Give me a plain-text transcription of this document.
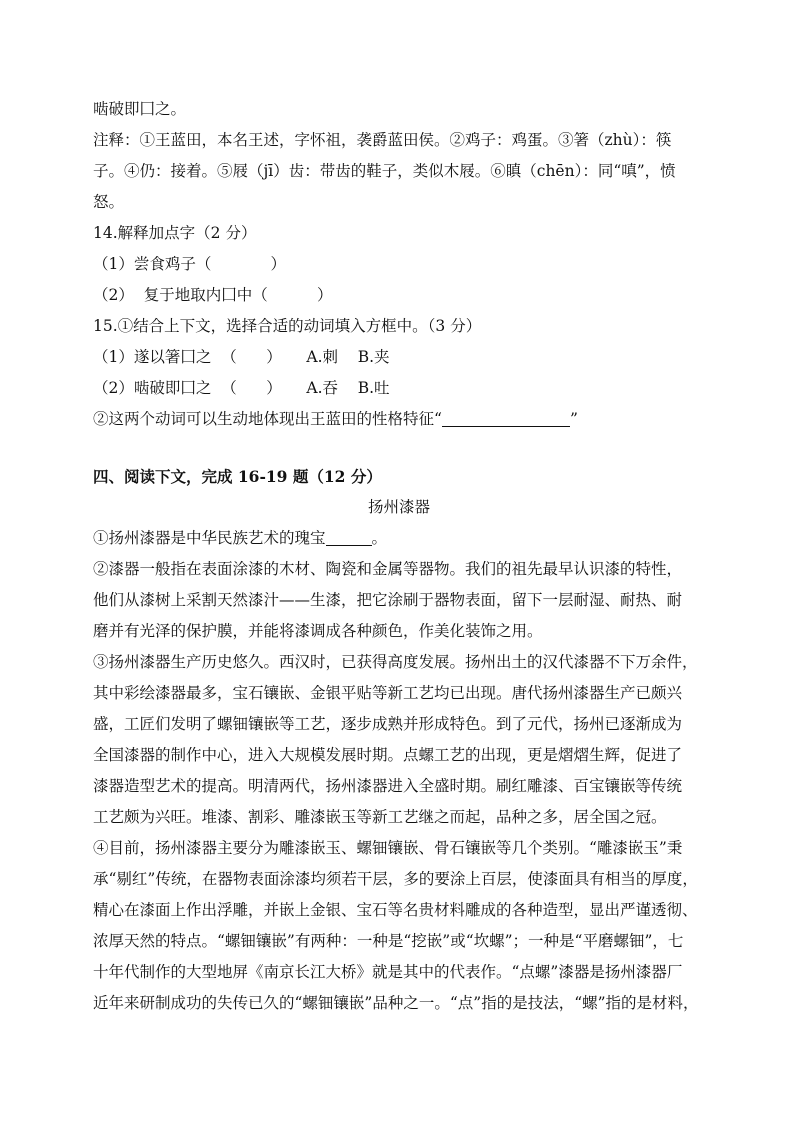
啮破即囗之。
注释：①王蓝田，本名王述，字怀祖，袭爵蓝田侯。②鸡子：鸡蛋。③箸（zhù）：筷
子。④仍：接着。⑤屐（jī）齿：带齿的鞋子，类似木屐。⑥瞋（chēn）：同“嗔”，愤
怒。
14.解释加点字（2 分）
（1）尝食鸡子（            ）
（2）  复于地取内囗中（          ）
15.①结合上下文，选择合适的动词填入方框中。（3 分）
（1）遂以箸囗之  （      ）     A.刺    B.夹
（2）啮破即囗之  （      ）     A.吞    B.吐
②这两个动词可以生动地体现出王蓝田的性格特征“	”
四、阅读下文，完成 16-19 题（12 分）
扬州漆器
①扬州漆器是中华民族艺术的瑰宝	。
②漆器一般指在表面涂漆的木材、陶瓷和金属等器物。我们的祖先最早认识漆的特性，
他们从漆树上采割天然漆汁——生漆，把它涂刷于器物表面，留下一层耐湿、耐热、耐
磨并有光泽的保护膜，并能将漆调成各种颜色，作美化装饰之用。
③扬州漆器生产历史悠久。西汉时，已获得高度发展。扬州出土的汉代漆器不下万余件，
其中彩绘漆器最多，宝石镶嵌、金银平贴等新工艺均已出现。唐代扬州漆器生产已颇兴
盛，工匠们发明了螺钿镶嵌等工艺，逐步成熟并形成特色。到了元代，扬州已逐渐成为
全国漆器的制作中心，进入大规模发展时期。点螺工艺的出现，更是熠熠生辉，促进了
漆器造型艺术的提高。明清两代，扬州漆器进入全盛时期。刷红雕漆、百宝镶嵌等传统
工艺颇为兴旺。堆漆、割彩、雕漆嵌玉等新工艺继之而起，品种之多，居全国之冠。
④目前，扬州漆器主要分为雕漆嵌玉、螺钿镶嵌、骨石镶嵌等几个类别。“雕漆嵌玉”秉
承“剔红”传统，在器物表面涂漆均须若干层，多的要涂上百层，使漆面具有相当的厚度，
精心在漆面上作出浮雕，并嵌上金银、宝石等名贵材料雕成的各种造型，显出严谨透彻、
浓厚天然的特点。“螺钿镶嵌”有两种：一种是“挖嵌”或“坎螺”；一种是“平磨螺钿”，七
十年代制作的大型地屏《南京长江大桥》就是其中的代表作。“点螺”漆器是扬州漆器厂
近年来研制成功的失传已久的“螺钿镶嵌”品种之一。“点”指的是技法，“螺”指的是材料，
